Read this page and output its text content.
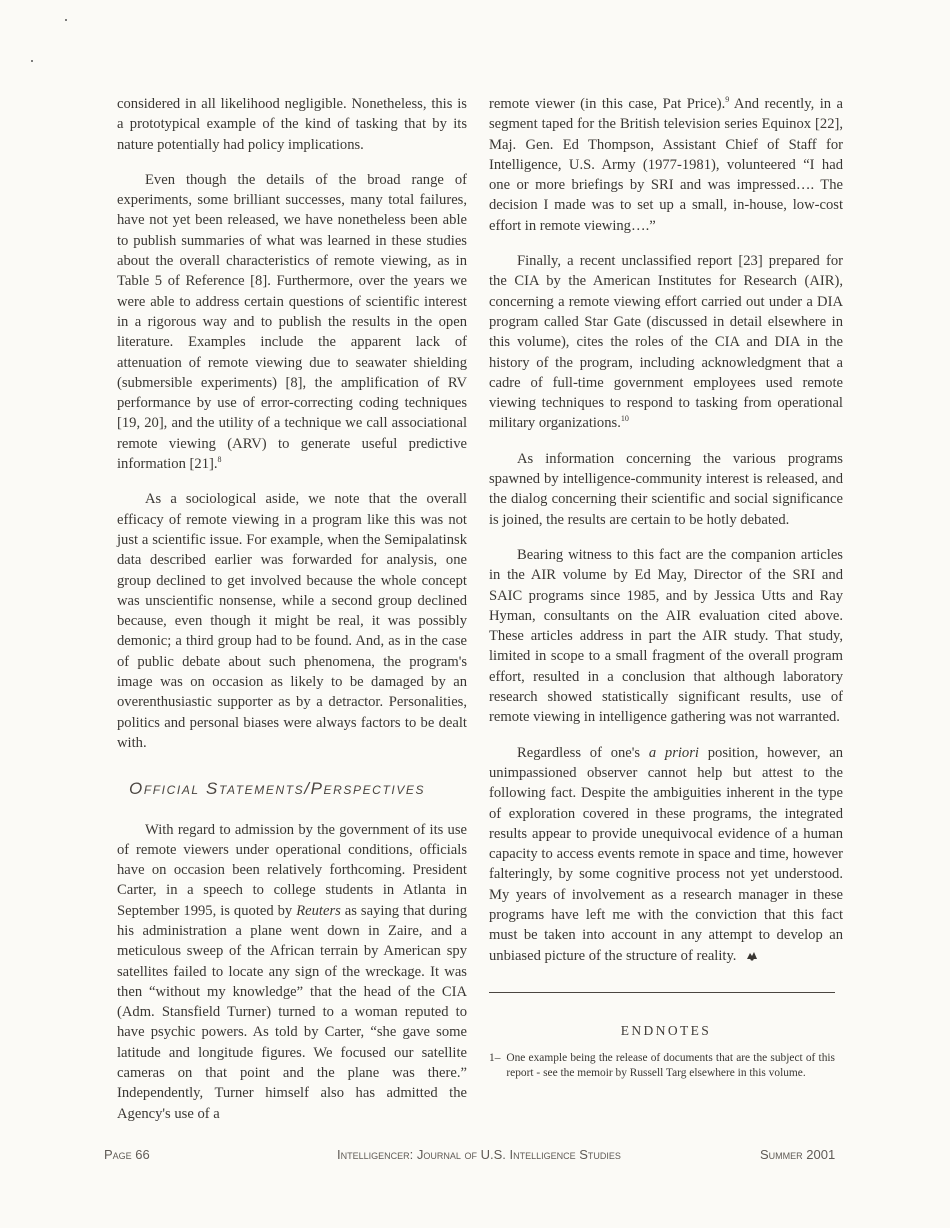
considered in all likelihood negligible. Nonetheless, this is a prototypical example of the kind of tasking that by its nature potentially had policy implications.

Even though the details of the broad range of experiments, some brilliant successes, many total failures, have not yet been released, we have nonetheless been able to publish summaries of what was learned in these studies about the overall characteristics of remote viewing, as in Table 5 of Reference [8]. Furthermore, over the years we were able to address certain questions of scientific interest in a rigorous way and to publish the results in the open literature. Examples include the apparent lack of attenuation of remote viewing due to seawater shielding (submersible experiments) [8], the amplification of RV performance by use of error-correcting coding techniques [19, 20], and the utility of a technique we call associational remote viewing (ARV) to generate useful predictive information [21].$^8$

As a sociological aside, we note that the overall efficacy of remote viewing in a program like this was not just a scientific issue. For example, when the Semipalatinsk data described earlier was forwarded for analysis, one group declined to get involved because the whole concept was unscientific nonsense, while a second group declined because, even though it might be real, it was possibly demonic; a third group had to be found. And, as in the case of public debate about such phenomena, the program's image was on occasion as likely to be damaged by an overenthusiastic supporter as by a detractor. Personalities, politics and personal biases were always factors to be dealt with.

Official Statements/Perspectives

With regard to admission by the government of its use of remote viewers under operational conditions, officials have on occasion been relatively forthcoming. President Carter, in a speech to college students in Atlanta in September 1995, is quoted by Reuters as saying that during his administration a plane went down in Zaire, and a meticulous sweep of the African terrain by American spy satellites failed to locate any sign of the wreckage. It was then “without my knowledge” that the head of the CIA (Adm. Stansfield Turner) turned to a woman reputed to have psychic powers. As told by Carter, “she gave some latitude and longitude figures. We focused our satellite cameras on that point and the plane was there.” Independently, Turner himself also has admitted the Agency's use of a

remote viewer (in this case, Pat Price).$^9$ And recently, in a segment taped for the British television series Equinox [22], Maj. Gen. Ed Thompson, Assistant Chief of Staff for Intelligence, U.S. Army (1977-1981), volunteered “I had one or more briefings by SRI and was impressed…. The decision I made was to set up a small, in-house, low-cost effort in remote viewing….”

Finally, a recent unclassified report [23] prepared for the CIA by the American Institutes for Research (AIR), concerning a remote viewing effort carried out under a DIA program called Star Gate (discussed in detail elsewhere in this volume), cites the roles of the CIA and DIA in the history of the program, including acknowledgment that a cadre of full-time government employees used remote viewing techniques to respond to tasking from operational military organizations.$^{10}$

As information concerning the various programs spawned by intelligence-community interest is released, and the dialog concerning their scientific and social significance is joined, the results are certain to be hotly debated.

Bearing witness to this fact are the companion articles in the AIR volume by Ed May, Director of the SRI and SAIC programs since 1985, and by Jessica Utts and Ray Hyman, consultants on the AIR evaluation cited above. These articles address in part the AIR study. That study, limited in scope to a small fragment of the overall program effort, resulted in a conclusion that although laboratory research showed statistically significant results, use of remote viewing in intelligence gathering was not warranted.

Regardless of one's a priori position, however, an unimpassioned observer cannot help but attest to the following fact. Despite the ambiguities inherent in the type of exploration covered in these programs, the integrated results appear to provide unequivocal evidence of a human capacity to access events remote in space and time, however falteringly, by some cognitive process not yet understood. My years of involvement as a research manager in these programs have left me with the conviction that this fact must be taken into account in any attempt to develop an unbiased picture of the structure of reality.

ENDNOTES
1– One example being the release of documents that are the subject of this report - see the memoir by Russell Targ elsewhere in this volume.
Page 66	Intelligencer: Journal of U.S. Intelligence Studies	Summer 2001
